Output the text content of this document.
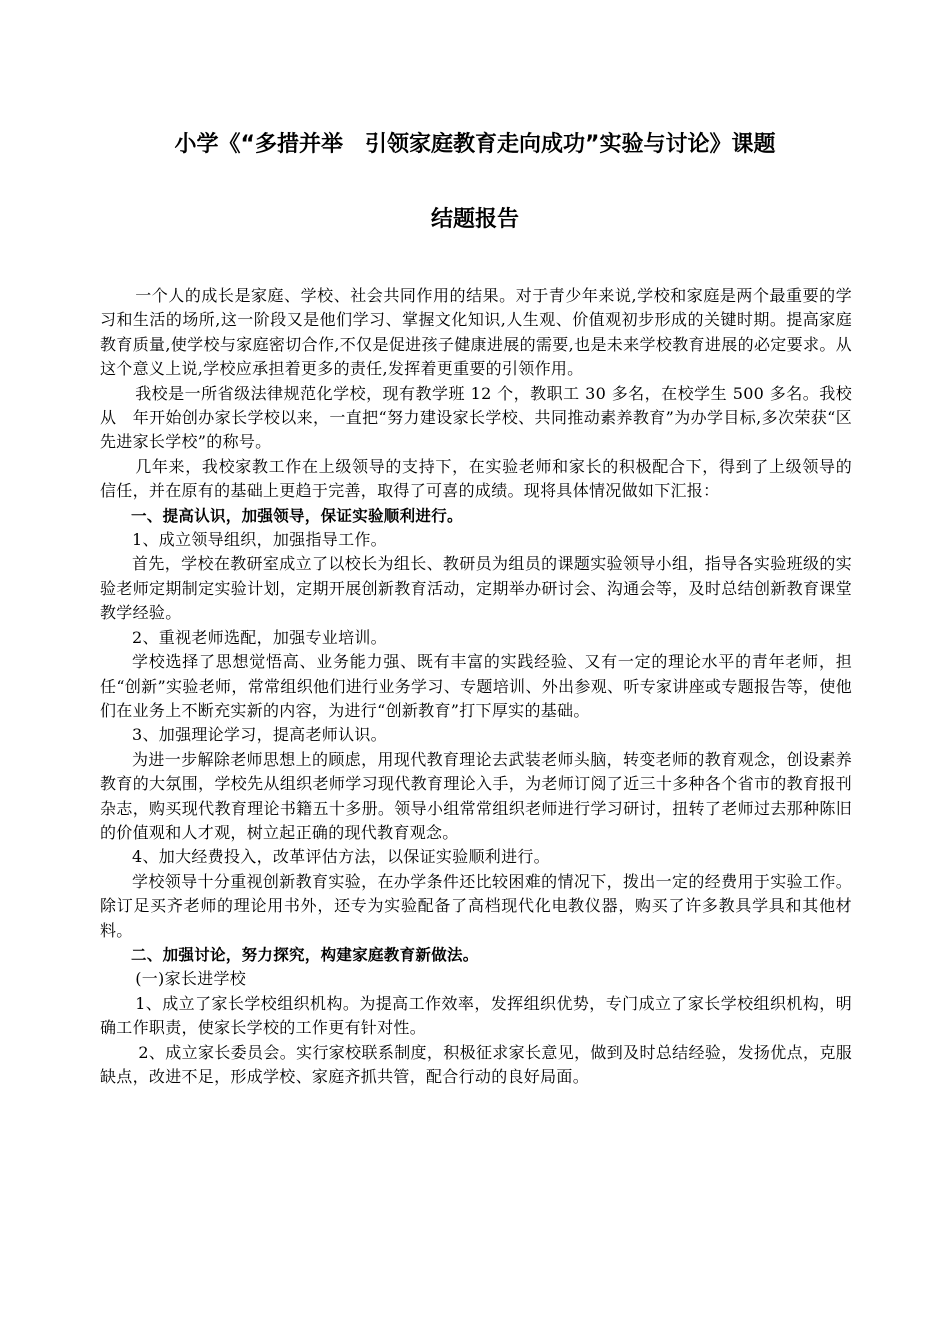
小学《“多措并举　引领家庭教育走向成功”实验与讨论》课题
结题报告

一个人的成长是家庭、学校、社会共同作用的结果。对于青少年来说,学校和家庭是两个最重要的学习和生活的场所,这一阶段又是他们学习、掌握文化知识,人生观、价值观初步形成的关键时期。提高家庭教育质量,使学校与家庭密切合作,不仅是促进孩子健康进展的需要,也是未来学校教育进展的必定要求。从这个意义上说,学校应承担着更多的责任,发挥着更重要的引领作用。

我校是一所省级法律规范化学校，现有教学班 12 个，教职工 30 多名，在校学生 500 多名。我校从　年开始创办家长学校以来，一直把“努力建设家长学校、共同推动素养教育”为办学目标,多次荣获“区先进家长学校”的称号。

几年来，我校家教工作在上级领导的支持下，在实验老师和家长的积极配合下，得到了上级领导的信任，并在原有的基础上更趋于完善，取得了可喜的成绩。现将具体情况做如下汇报：

一、提高认识，加强领导，保证实验顺利进行。

1、成立领导组织，加强指导工作。

首先，学校在教研室成立了以校长为组长、教研员为组员的课题实验领导小组，指导各实验班级的实验老师定期制定实验计划，定期开展创新教育活动，定期举办研讨会、沟通会等，及时总结创新教育课堂教学经验。

2、重视老师选配，加强专业培训。

学校选择了思想觉悟高、业务能力强、既有丰富的实践经验、又有一定的理论水平的青年老师，担任“创新”实验老师，常常组织他们进行业务学习、专题培训、外出参观、听专家讲座或专题报告等，使他们在业务上不断充实新的内容，为进行“创新教育”打下厚实的基础。

3、加强理论学习，提高老师认识。

为进一步解除老师思想上的顾虑，用现代教育理论去武装老师头脑，转变老师的教育观念，创设素养教育的大氛围，学校先从组织老师学习现代教育理论入手，为老师订阅了近三十多种各个省市的教育报刊杂志，购买现代教育理论书籍五十多册。领导小组常常组织老师进行学习研讨，扭转了老师过去那种陈旧的价值观和人才观，树立起正确的现代教育观念。

4、加大经费投入，改革评估方法，以保证实验顺利进行。

学校领导十分重视创新教育实验，在办学条件还比较困难的情况下，拨出一定的经费用于实验工作。除订足买齐老师的理论用书外，还专为实验配备了高档现代化电教仪器，购买了许多教具学具和其他材料。

二、加强讨论，努力探究，构建家庭教育新做法。

(一)家长进学校

1、成立了家长学校组织机构。为提高工作效率，发挥组织优势，专门成立了家长学校组织机构，明确工作职责，使家长学校的工作更有针对性。

2、成立家长委员会。实行家校联系制度，积极征求家长意见，做到及时总结经验，发扬优点，克服缺点，改进不足，形成学校、家庭齐抓共管，配合行动的良好局面。
